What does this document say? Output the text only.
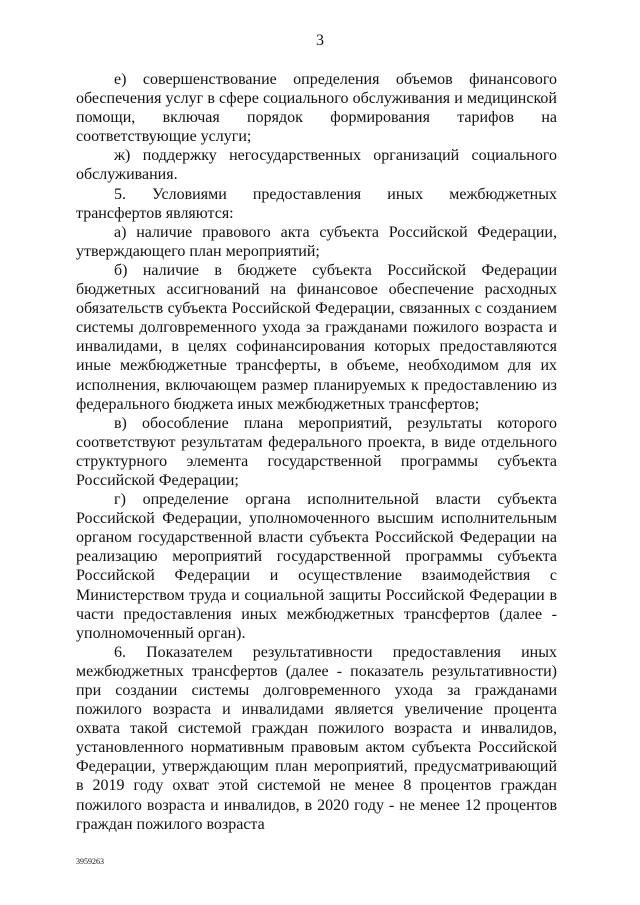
3

е) совершенствование определения объемов финансового обеспечения услуг в сфере социального обслуживания и медицинской помощи, включая порядок формирования тарифов на соответствующие услуги;

ж) поддержку негосударственных организаций социального обслуживания.

5. Условиями предоставления иных межбюджетных трансфертов являются:

а) наличие правового акта субъекта Российской Федерации, утверждающего план мероприятий;

б) наличие в бюджете субъекта Российской Федерации бюджетных ассигнований на финансовое обеспечение расходных обязательств субъекта Российской Федерации, связанных с созданием системы долговременного ухода за гражданами пожилого возраста и инвалидами, в целях софинансирования которых предоставляются иные межбюджетные трансферты, в объеме, необходимом для их исполнения, включающем размер планируемых к предоставлению из федерального бюджета иных межбюджетных трансфертов;

в) обособление плана мероприятий, результаты которого соответствуют результатам федерального проекта, в виде отдельного структурного элемента государственной программы субъекта Российской Федерации;

г) определение органа исполнительной власти субъекта Российской Федерации, уполномоченного высшим исполнительным органом государственной власти субъекта Российской Федерации на реализацию мероприятий государственной программы субъекта Российской Федерации и осуществление взаимодействия с Министерством труда и социальной защиты Российской Федерации в части предоставления иных межбюджетных трансфертов (далее - уполномоченный орган).

6. Показателем результативности предоставления иных межбюджетных трансфертов (далее - показатель результативности) при создании системы долговременного ухода за гражданами пожилого возраста и инвалидами является увеличение процента охвата такой системой граждан пожилого возраста и инвалидов, установленного нормативным правовым актом субъекта Российской Федерации, утверждающим план мероприятий, предусматривающий в 2019 году охват этой системой не менее 8 процентов граждан пожилого возраста и инвалидов, в 2020 году - не менее 12 процентов граждан пожилого возраста

3959263
